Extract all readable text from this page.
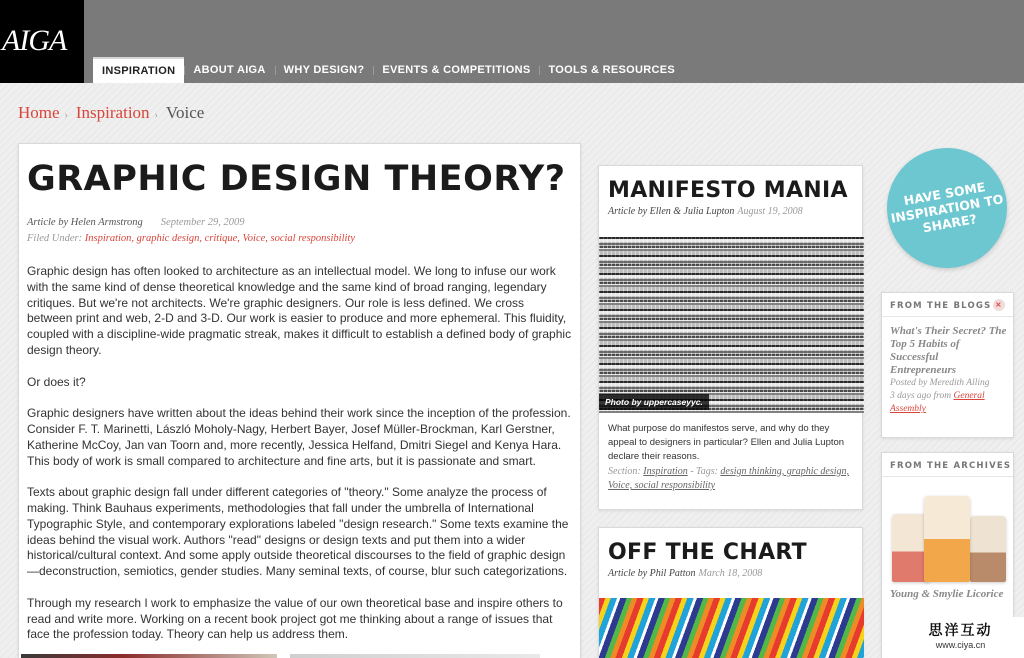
AIGA
INSPIRATION	ABOUT AIGA	WHY DESIGN?	EVENTS & COMPETITIONS	TOOLS & RESOURCES
Home › Inspiration › Voice
GRAPHIC DESIGN THEORY?
Article by Helen Armstrong September 29, 2009
Filed Under: Inspiration, graphic design, critique, Voice, social responsibility

Graphic design has often looked to architecture as an intellectual model. We long to infuse our work with the same kind of dense theoretical knowledge and the same kind of broad ranging, legendary critiques. But we're not architects. We're graphic designers. Our role is less defined. We cross between print and web, 2-D and 3-D. Our work is easier to produce and more ephemeral. This fluidity, coupled with a discipline-wide pragmatic streak, makes it difficult to establish a defined body of graphic design theory.

Or does it?

Graphic designers have written about the ideas behind their work since the inception of the profession. Consider F. T. Marinetti, László Moholy-Nagy, Herbert Bayer, Josef Müller-Brockman, Karl Gerstner, Katherine McCoy, Jan van Toorn and, more recently, Jessica Helfand, Dmitri Siegel and Kenya Hara. This body of work is small compared to architecture and fine arts, but it is passionate and smart.

Texts about graphic design fall under different categories of "theory." Some analyze the process of making. Think Bauhaus experiments, methodologies that fall under the umbrella of International Typographic Style, and contemporary explorations labeled "design research." Some texts examine the ideas behind the visual work. Authors "read" designs or design texts and put them into a wider historical/cultural context. And some apply outside theoretical discourses to the field of graphic design—deconstruction, semiotics, gender studies. Many seminal texts, of course, blur such categorizations.

Through my research I work to emphasize the value of our own theoretical base and inspire others to read and write more. Working on a recent book project got me thinking about a range of issues that face the profession today. Theory can help us address them.

MANIFESTO MANIA
Article by Ellen & Julia Lupton August 19, 2008
Photo by uppercaseyyc.
What purpose do manifestos serve, and why do they appeal to designers in particular? Ellen and Julia Lupton declare their reasons.
Section: Inspiration - Tags: design thinking, graphic design, Voice, social responsibility
OFF THE CHART
Article by Phil Patton March 18, 2008
HAVE SOME INSPIRATION TO SHARE?
FROM THE BLOGS ×
What's Their Secret? The Top 5 Habits of Successful Entrepreneurs
Posted by Meredith Alling
3 days ago from General Assembly
FROM THE ARCHIVES
Young & Smylie Licorice
思洋互动
www.ciya.cn
